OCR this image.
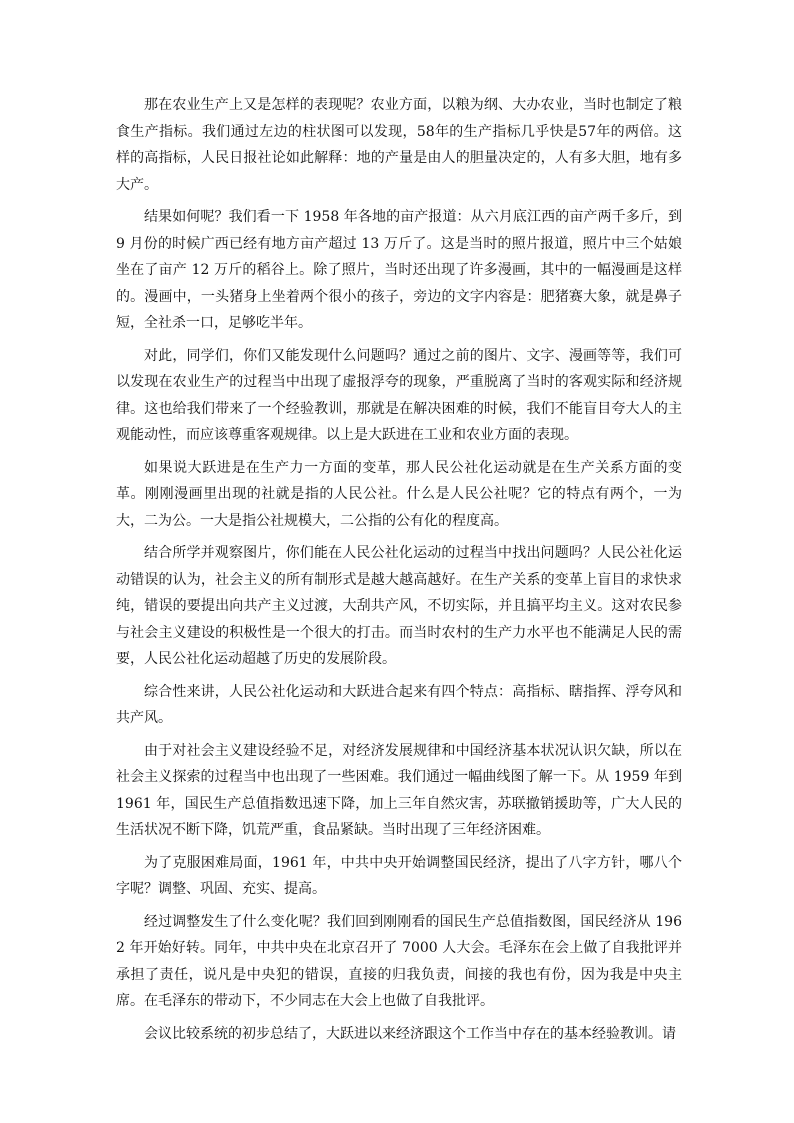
那在农业生产上又是怎样的表现呢？农业方面，以粮为纲、大办农业，当时也制定了粮食生产指标。我们通过左边的柱状图可以发现，58年的生产指标几乎快是57年的两倍。这样的高指标，人民日报社论如此解释：地的产量是由人的胆量决定的，人有多大胆，地有多大产。

结果如何呢？我们看一下 1958 年各地的亩产报道：从六月底江西的亩产两千多斤，到 9 月份的时候广西已经有地方亩产超过 13 万斤了。这是当时的照片报道，照片中三个姑娘坐在了亩产 12 万斤的稻谷上。除了照片，当时还出现了许多漫画，其中的一幅漫画是这样的。漫画中，一头猪身上坐着两个很小的孩子，旁边的文字内容是：肥猪赛大象，就是鼻子短，全社杀一口，足够吃半年。

对此，同学们，你们又能发现什么问题吗？通过之前的图片、文字、漫画等等，我们可以发现在农业生产的过程当中出现了虚报浮夸的现象，严重脱离了当时的客观实际和经济规律。这也给我们带来了一个经验教训，那就是在解决困难的时候，我们不能盲目夸大人的主观能动性，而应该尊重客观规律。以上是大跃进在工业和农业方面的表现。

如果说大跃进是在生产力一方面的变革，那人民公社化运动就是在生产关系方面的变革。刚刚漫画里出现的社就是指的人民公社。什么是人民公社呢？它的特点有两个，一为大，二为公。一大是指公社规模大，二公指的公有化的程度高。

结合所学并观察图片，你们能在人民公社化运动的过程当中找出问题吗？人民公社化运动错误的认为，社会主义的所有制形式是越大越高越好。在生产关系的变革上盲目的求快求纯，错误的要提出向共产主义过渡，大刮共产风，不切实际，并且搞平均主义。这对农民参与社会主义建设的积极性是一个很大的打击。而当时农村的生产力水平也不能满足人民的需要，人民公社化运动超越了历史的发展阶段。

综合性来讲，人民公社化运动和大跃进合起来有四个特点：高指标、瞎指挥、浮夸风和共产风。

由于对社会主义建设经验不足，对经济发展规律和中国经济基本状况认识欠缺，所以在社会主义探索的过程当中也出现了一些困难。我们通过一幅曲线图了解一下。从 1959 年到 1961 年，国民生产总值指数迅速下降，加上三年自然灾害，苏联撤销援助等，广大人民的生活状况不断下降，饥荒严重，食品紧缺。当时出现了三年经济困难。

为了克服困难局面，1961 年，中共中央开始调整国民经济，提出了八字方针，哪八个字呢？调整、巩固、充实、提高。

经过调整发生了什么变化呢？我们回到刚刚看的国民生产总值指数图，国民经济从 1962 年开始好转。同年，中共中央在北京召开了 7000 人大会。毛泽东在会上做了自我批评并承担了责任，说凡是中央犯的错误，直接的归我负责，间接的我也有份，因为我是中央主席。在毛泽东的带动下，不少同志在大会上也做了自我批评。

会议比较系统的初步总结了，大跃进以来经济跟这个工作当中存在的基本经验教训。请
